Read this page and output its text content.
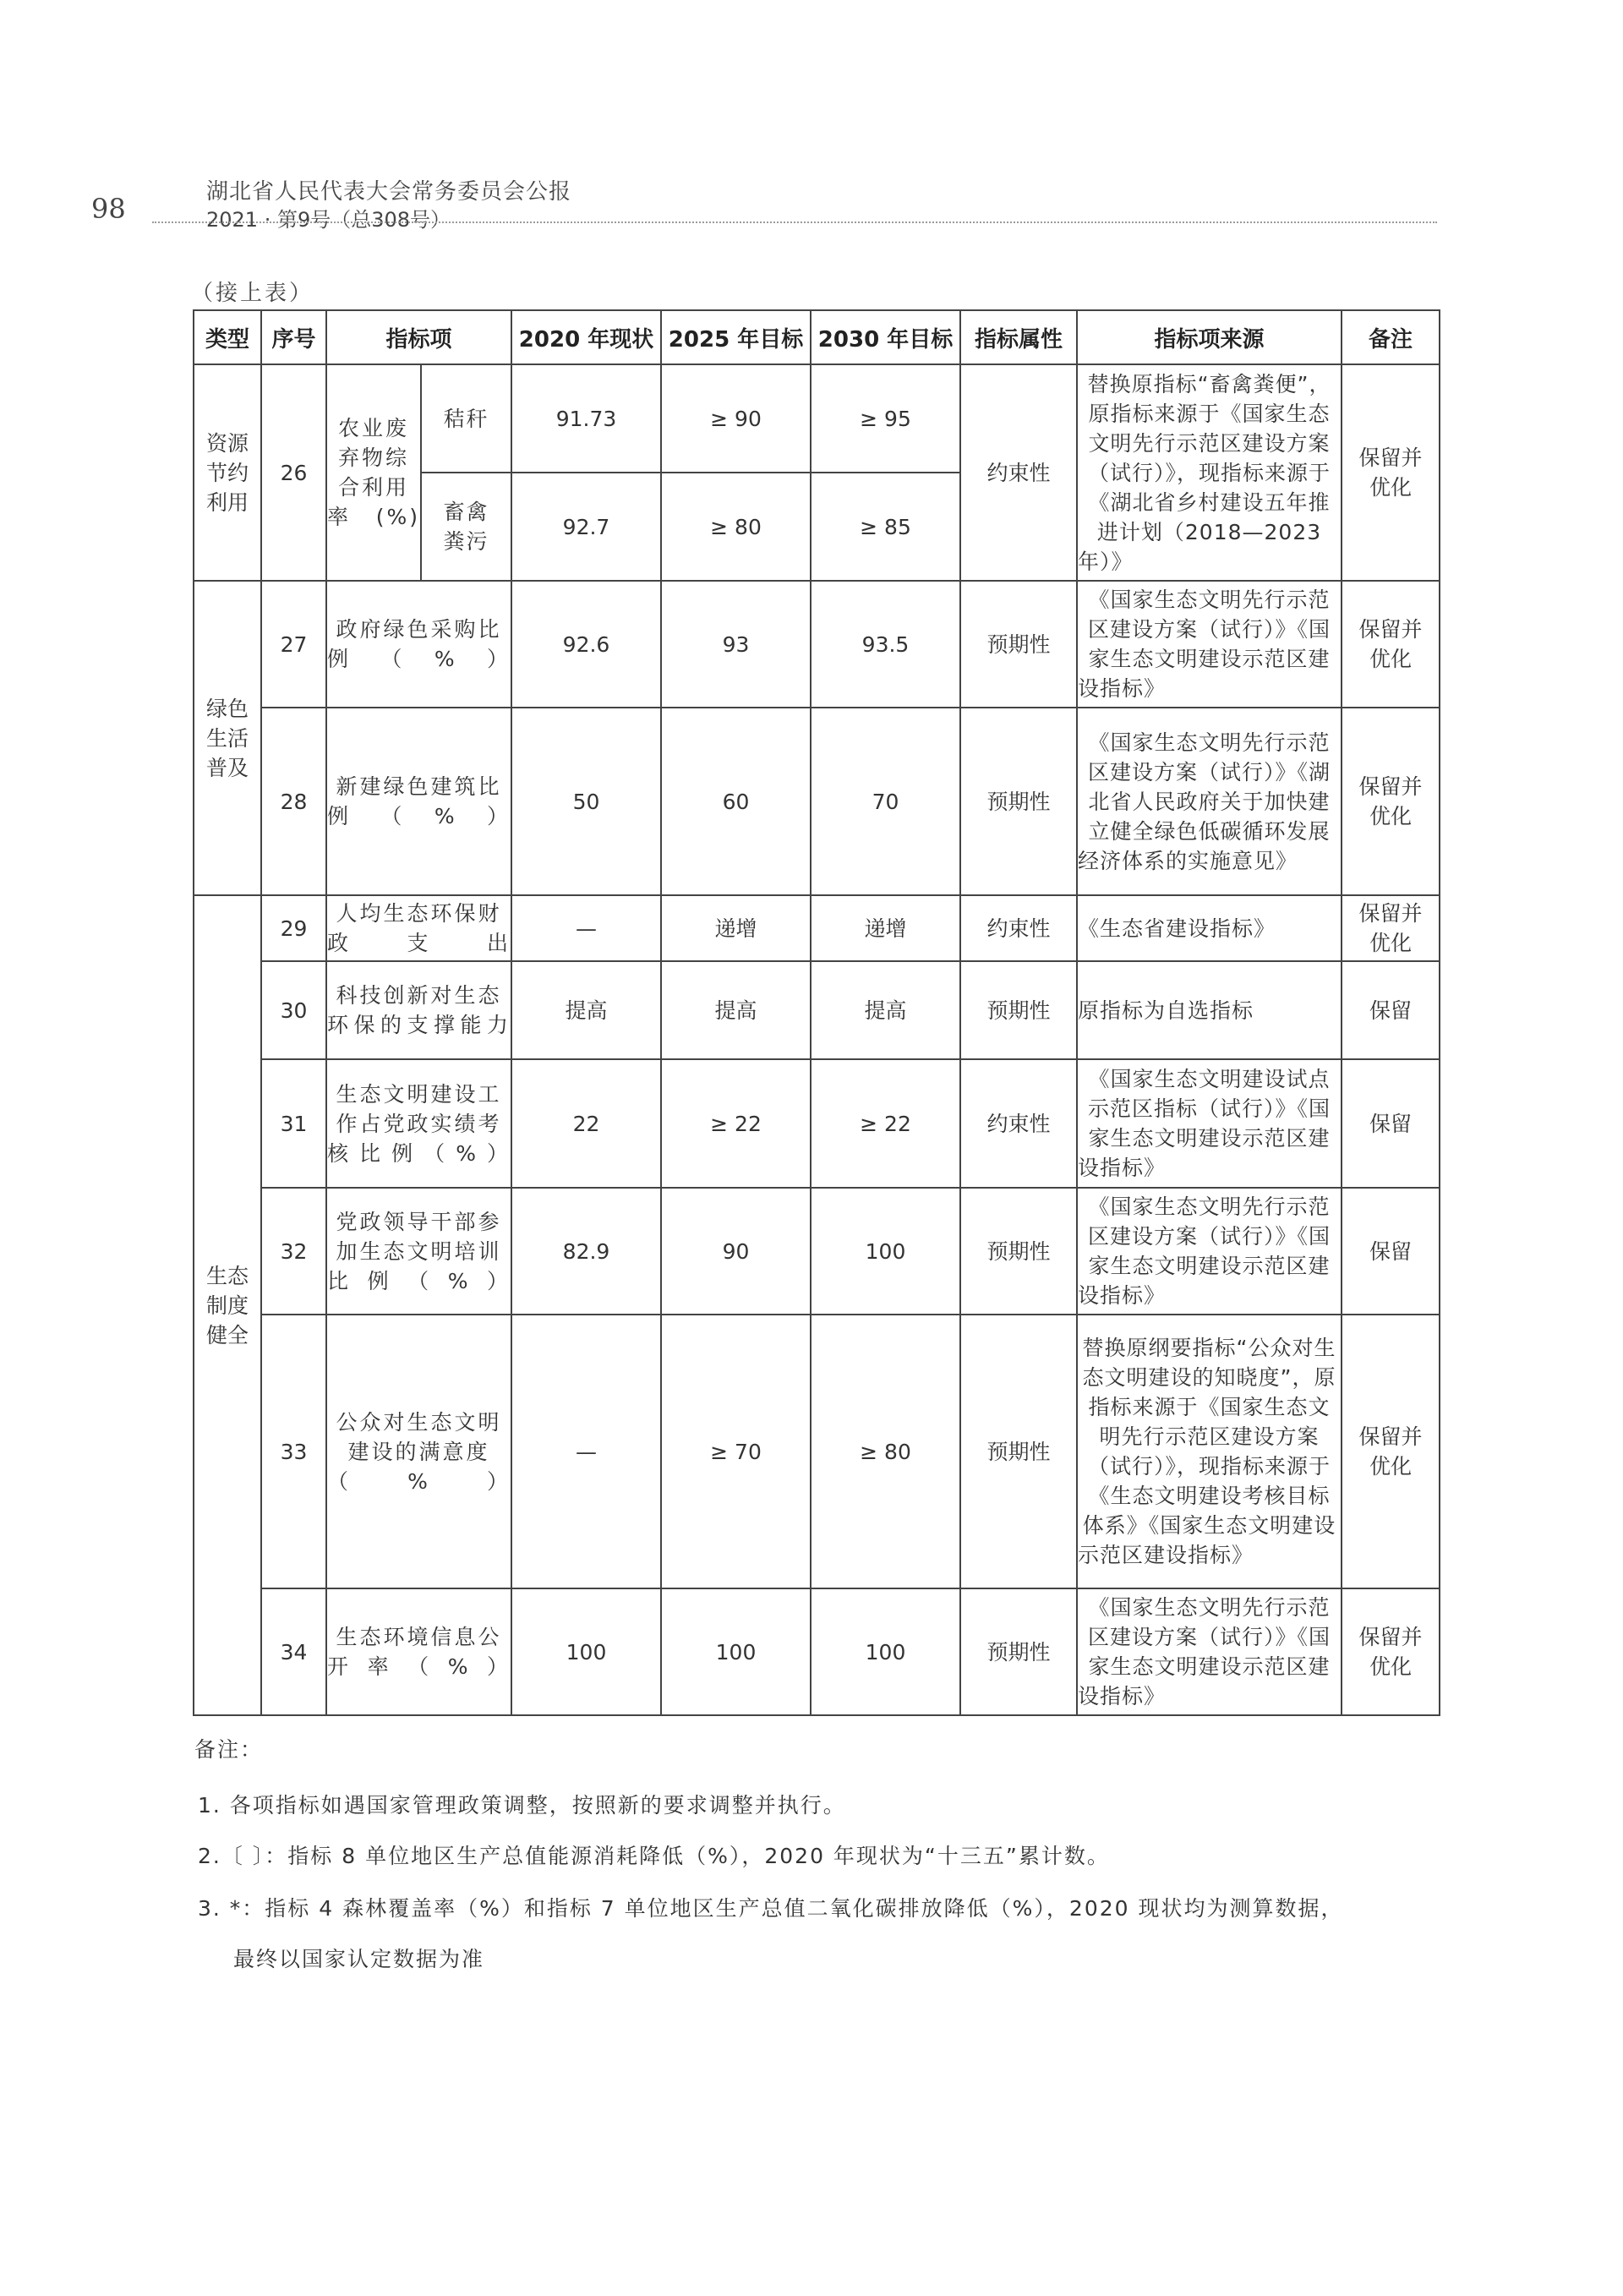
98
湖北省人民代表大会常务委员会公报
2021 · 第9号（总308号）
（接上表）
类型	序号	指标项		2020 年现状	2025 年目标	2030 年目标	指标属性	指标项来源	备注

资源节约利用	26	农业废弃物综合利用率(%)	秸秆	91.73	≥ 90	≥ 95	约束性	替换原指标“畜禽粪便”，原指标来源于《国家生态文明先行示范区建设方案（试行）》，现指标来源于《湖北省乡村建设五年推进计划（2018—2023 年）》	保留并优化

			畜禽粪污	92.7	≥ 80	≥ 85			

绿色生活普及	27	政府绿色采购比例（%）		92.6	93	93.5	预期性	《国家生态文明先行示范区建设方案（试行）》《国家生态文明建设示范区建设指标》	保留并优化

	28	新建绿色建筑比例（%）		50	60	70	预期性	《国家生态文明先行示范区建设方案（试行）》《湖北省人民政府关于加快建立健全绿色低碳循环发展经济体系的实施意见》	保留并优化

生态制度健全	29	人均生态环保财政支出		—	递增	递增	约束性	《生态省建设指标》	保留并优化

	30	科技创新对生态环保的支撑能力		提高	提高	提高	预期性	原指标为自选指标	保留
	31	生态文明建设工作占党政实绩考核比例（%）		22	≥ 22	≥ 22	约束性	《国家生态文明建设试点示范区指标（试行）》《国家生态文明建设示范区建设指标》	保留
	32	党政领导干部参加生态文明培训比例（%）		82.9	90	100	预期性	《国家生态文明先行示范区建设方案（试行）》《国家生态文明建设示范区建设指标》	保留
	33	公众对生态文明建设的满意度（%）		—	≥ 70	≥ 80	预期性	替换原纲要指标“公众对生态文明建设的知晓度”，原指标来源于《国家生态文明先行示范区建设方案（试行）》，现指标来源于《生态文明建设考核目标体系》《国家生态文明建设示范区建设指标》	保留并优化

	34	生态环境信息公开率（%）		100	100	100	预期性	《国家生态文明先行示范区建设方案（试行）》《国家生态文明建设示范区建设指标》	保留并优化
备注：
1. 各项指标如遇国家管理政策调整，按照新的要求调整并执行。
2.〔 〕：指标 8 单位地区生产总值能源消耗降低（%），2020 年现状为“十三五”累计数。
3. *：指标 4 森林覆盖率（%）和指标 7 单位地区生产总值二氧化碳排放降低（%），2020 现状均为测算数据，
最终以国家认定数据为准
